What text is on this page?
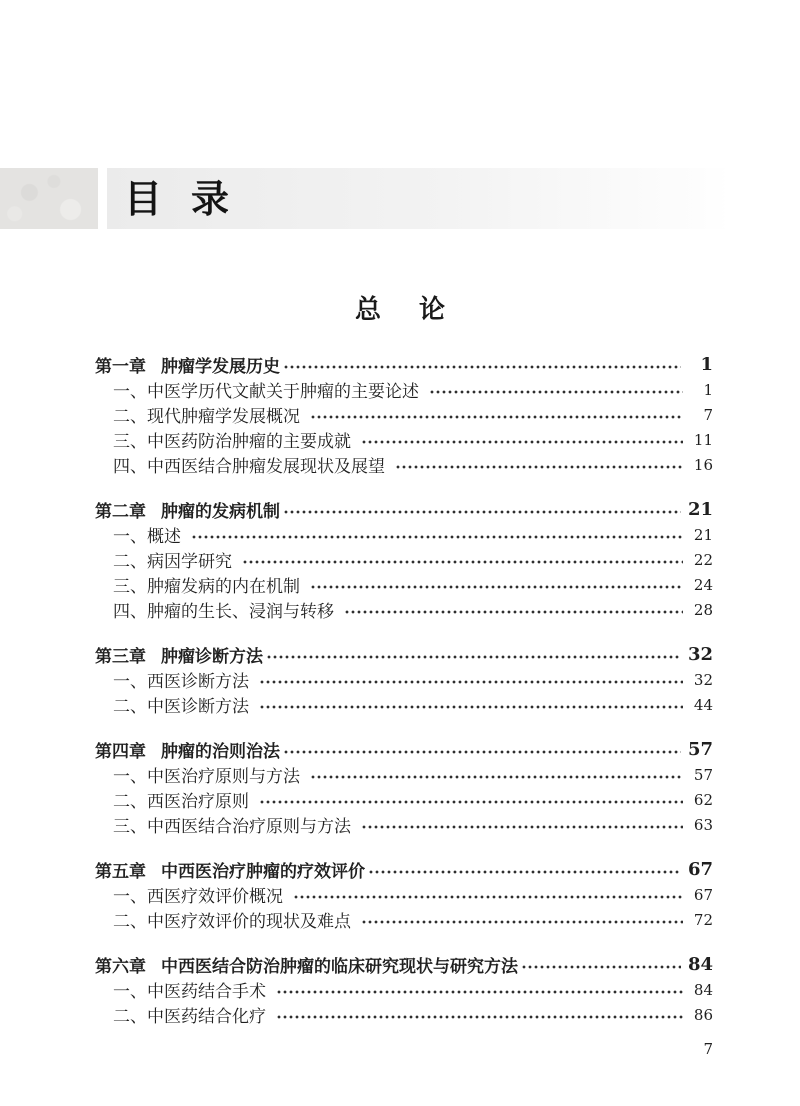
目录
总论
第一章 肿瘤学发展历史	1
一、中医学历代文献关于肿瘤的主要论述	1
二、现代肿瘤学发展概况	7
三、中医药防治肿瘤的主要成就	11
四、中西医结合肿瘤发展现状及展望	16
第二章 肿瘤的发病机制	21
一、概述	21
二、病因学研究	22
三、肿瘤发病的内在机制	24
四、肿瘤的生长、浸润与转移	28
第三章 肿瘤诊断方法	32
一、西医诊断方法	32
二、中医诊断方法	44
第四章 肿瘤的治则治法	57
一、中医治疗原则与方法	57
二、西医治疗原则	62
三、中西医结合治疗原则与方法	63
第五章 中西医治疗肿瘤的疗效评价	67
一、西医疗效评价概况	67
二、中医疗效评价的现状及难点	72
第六章 中西医结合防治肿瘤的临床研究现状与研究方法	84
一、中医药结合手术	84
二、中医药结合化疗	86
7
